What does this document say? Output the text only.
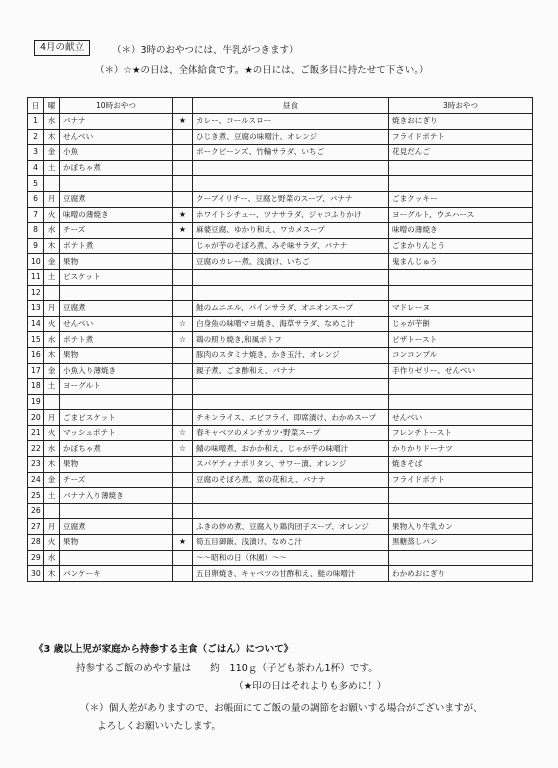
4月の献立	（＊）3時のおやつには、牛乳がつきます）
（＊）☆★の日は、全体給食です。★の日には、ご飯多目に持たせて下さい。）
日	曜	10時おやつ		昼食	3時おやつ
1	水	バナナ	★	カレー、コールスロー	焼きおにぎり
2	木	せんべい		ひじき煮、豆腐の味噌汁、オレンジ	フライドポテト
3	金	小魚		ポークビーンズ、竹輪サラダ、いちご	花見だんご
4	土	かぼちゃ煮			
5					
6	月	豆腐煮		クーブイリチー、豆腐と野菜のスープ、バナナ	ごまクッキー
7	火	味噌の薄焼き	★	ホワイトシチュー、ツナサラダ、ジャコふりかけ	ヨーグルト、ウエハース
8	水	チーズ	★	麻婆豆腐、ゆかり和え、ワカメスープ	味噌の薄焼き
9	木	ポテト煮		じゃが芋のそぼろ煮、みそ味サラダ、バナナ	ごまかりんとう
10	金	果物		豆腐のカレー煮、浅漬け、いちご	鬼まんじゅう
11	土	ビスケット			
12					
13	月	豆腐煮		鮭のムニエル、パインサラダ、オニオンスープ	マドレーヌ
14	火	せんべい	☆	白身魚の味噌マヨ焼き、海草サラダ、なめこ汁	じゃが芋餅
15	水	ポテト煮	☆	鶏の照り焼き,和風ポトフ	ピザトースト
16	木	果物		豚肉のスタミナ焼き、かき玉汁、オレンジ	コンコンブル
17	金	小魚入り薄焼き		親子煮、ごま酢和え、バナナ	手作りゼリー、せんべい
18	土	ヨーグルト			
19					
20	月	ごまビスケット		チキンライス、エビフライ、即席漬け、わかめスープ	せんべい
21	火	マッシュポテト	☆	春キャベツのメンチカツ･野菜スープ	フレンチトースト
22	水	かぼちゃ煮	☆	鯖の味噌煮、おかか和え、じゃが芋の味噌汁	かりかりドーナツ
23	木	果物		スパゲティナポリタン、サワー漬、オレンジ	焼きそば
24	金	チーズ		豆腐のそぼろ煮、菜の花和え、バナナ	フライドポテト
25	土	バナナ入り薄焼き			
26					
27	月	豆腐煮		ふきの炒め煮、豆腐入り鶏肉団子スープ、オレンジ	果物入り牛乳カン
28	火	果物	★	筍五目御飯、浅漬け、なめこ汁	黒糖蒸しパン
29	水			～～昭和の日（休園）～～	
30	木	パンケーキ		五目卵焼き、キャベツの甘酢和え、鮭の味噌汁	わかめおにぎり
《3 歳以上児が家庭から持参する主食（ごはん）について》
持参するご飯のめやす量は　　約　110ｇ（子ども茶わん1杯）です。
（★印の日はそれよりも多めに！）
（＊）個人差がありますので、お帳面にてご飯の量の調節をお願いする場合がございますが、
よろしくお願いいたします。
